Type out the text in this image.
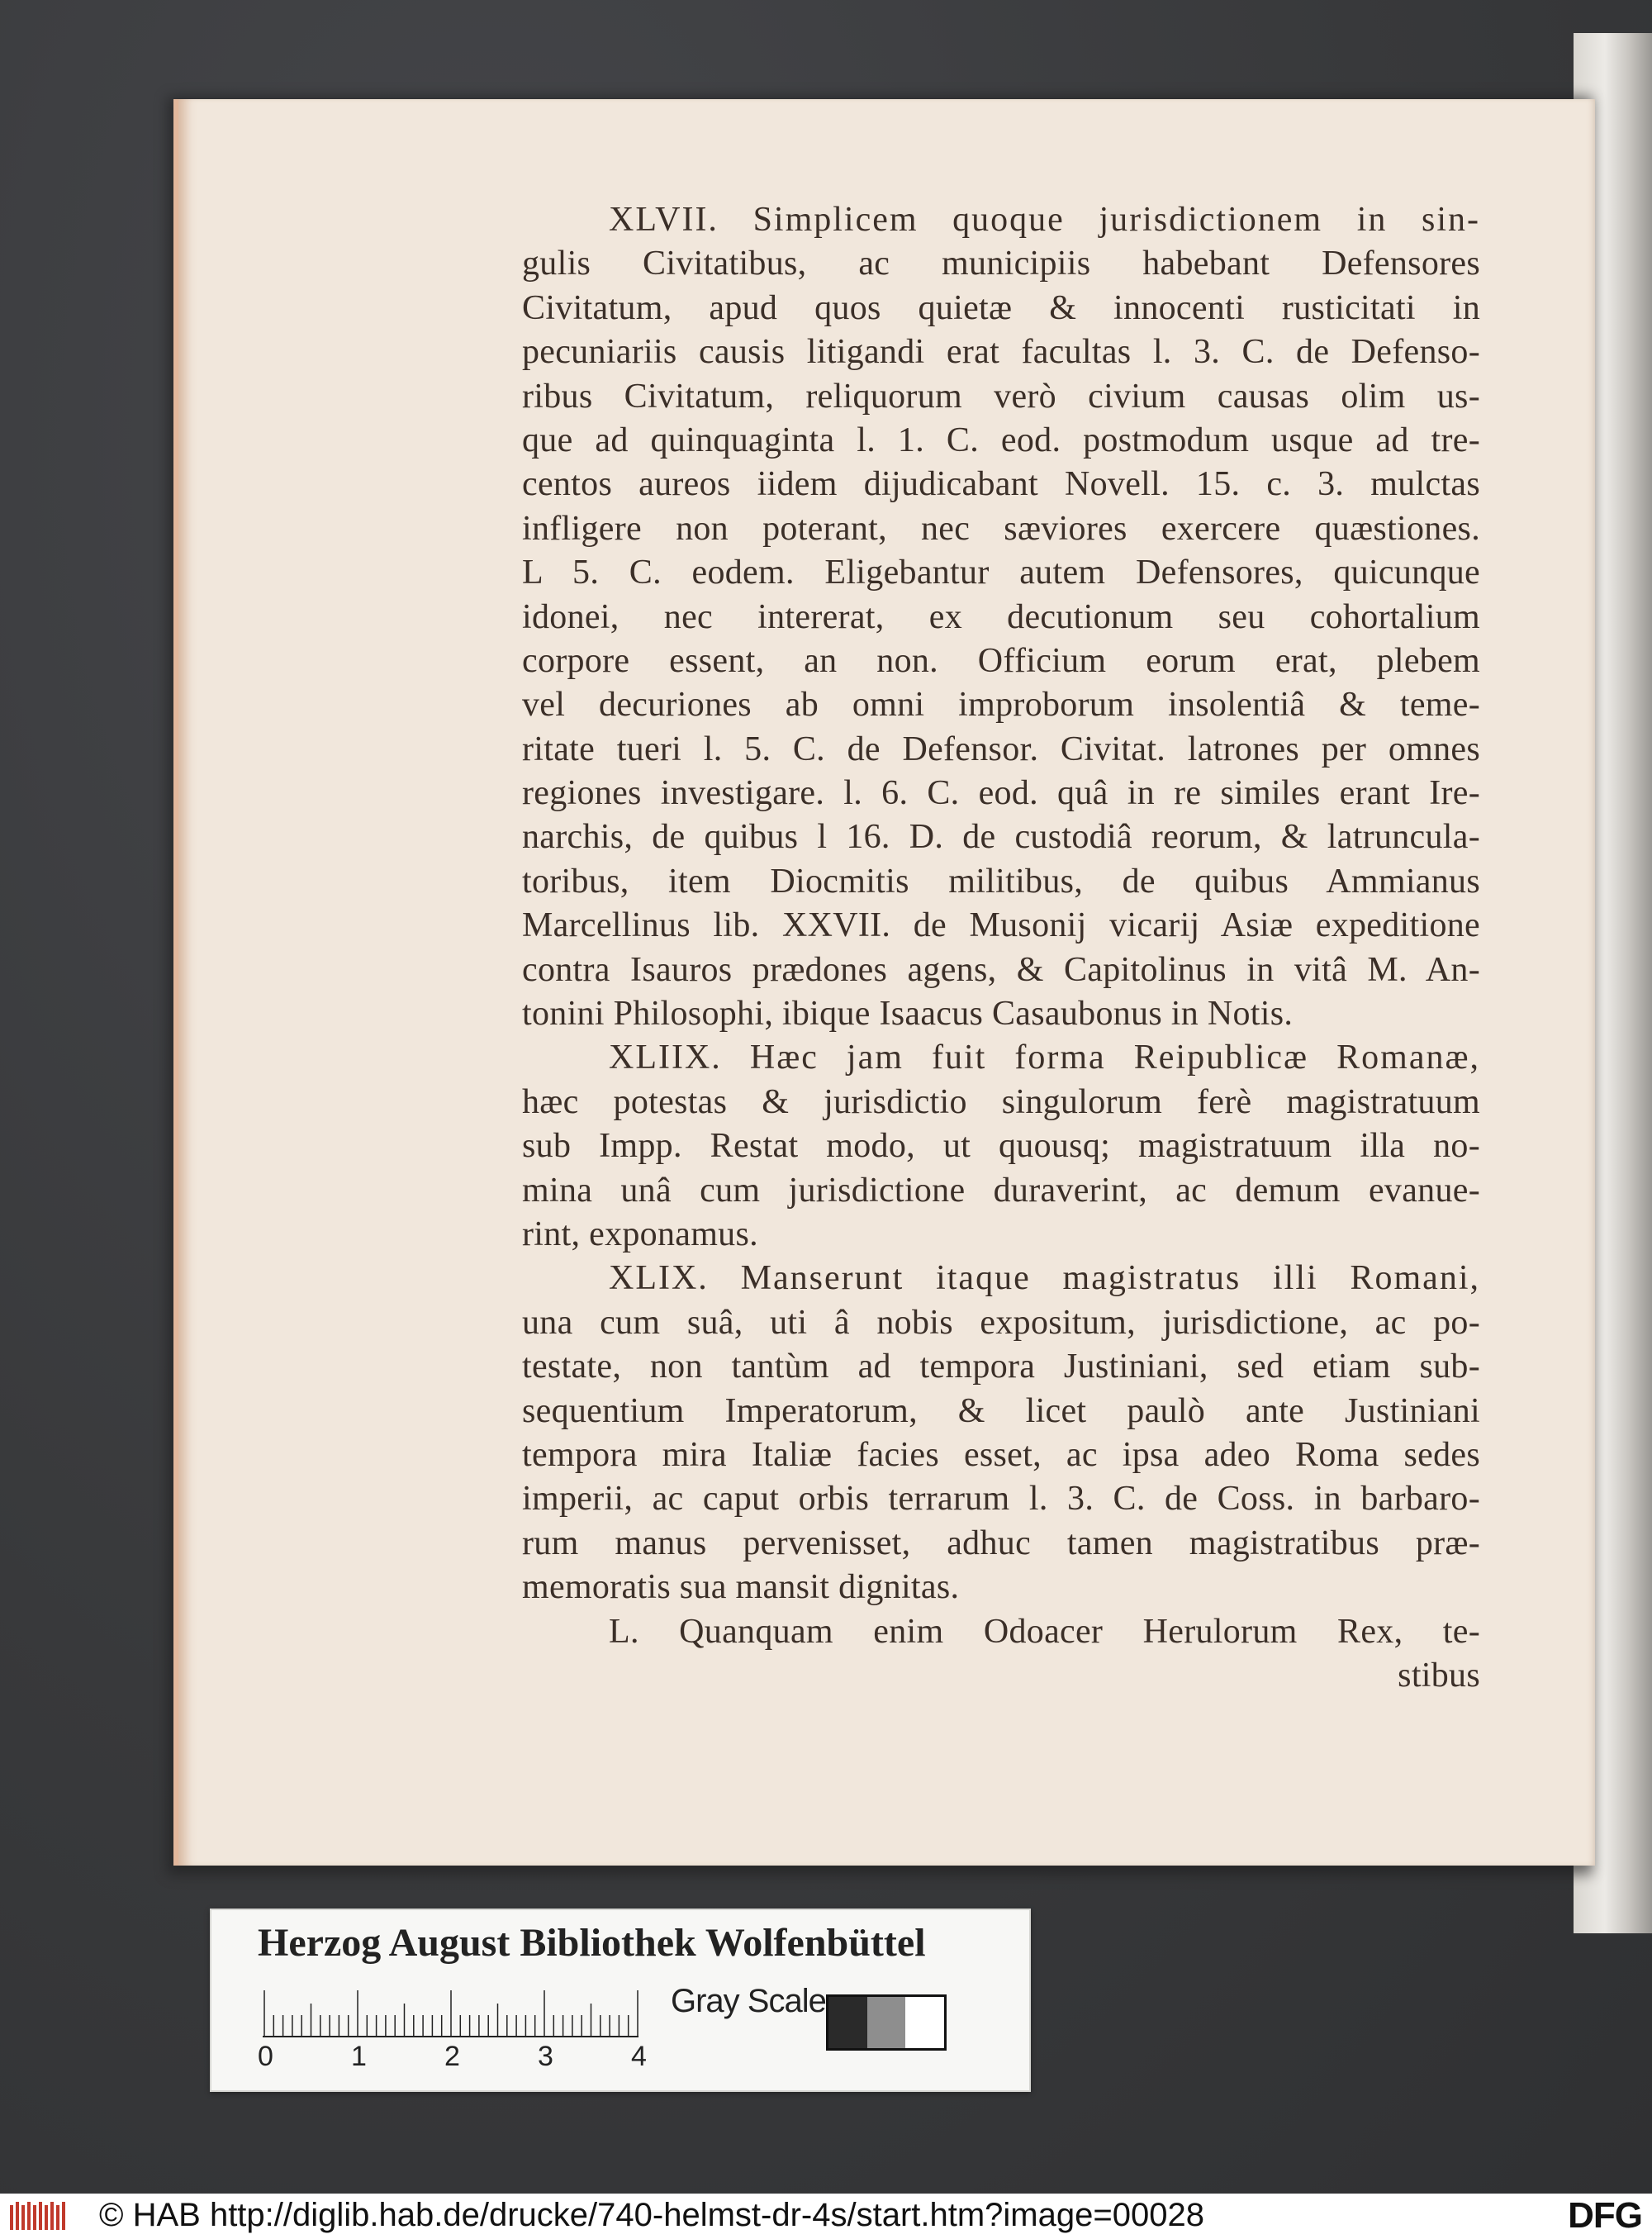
XLVII. Simplicem quoque jurisdictionem in sin-
gulis Civitatibus, ac municipiis habebant Defensores
Civitatum, apud quos quietæ & innocenti rusticitati in
pecuniariis causis litigandi erat facultas l. 3. C. de Defenso-
ribus Civitatum, reliquorum verò civium causas olim us-
que ad quinquaginta l. 1. C. eod. postmodum usque ad tre-
centos aureos iidem dijudicabant Novell. 15. c. 3. mulctas
infligere non poterant, nec sæviores exercere quæstiones.
L 5. C. eodem. Eligebantur autem Defensores, quicunque
idonei, nec intererat, ex decutionum seu cohortalium
corpore essent, an non. Officium eorum erat, plebem
vel decuriones ab omni improborum insolentiâ & teme-
ritate tueri l. 5. C. de Defensor. Civitat. latrones per omnes
regiones investigare. l. 6. C. eod. quâ in re similes erant Ire-
narchis, de quibus l 16. D. de custodiâ reorum, & latruncula-
toribus, item Diocmitis militibus, de quibus Ammianus
Marcellinus lib. XXVII. de Musonij vicarij Asiæ expeditione
contra Isauros prædones agens, & Capitolinus in vitâ M. An-
tonini Philosophi, ibique Isaacus Casaubonus in Notis.
XLIIX. Hæc jam fuit forma Reipublicæ Romanæ,
hæc potestas & jurisdictio singulorum ferè magistratuum
sub Impp. Restat modo, ut quousq; magistratuum illa no-
mina unâ cum jurisdictione duraverint, ac demum evanue-
rint, exponamus.
XLIX. Manserunt itaque magistratus illi Romani,
una cum suâ, uti â nobis expositum, jurisdictione, ac po-
testate, non tantùm ad tempora Justiniani, sed etiam sub-
sequentium Imperatorum, & licet paulò ante Justiniani
tempora mira Italiæ facies esset, ac ipsa adeo Roma sedes
imperii, ac caput orbis terrarum l. 3. C. de Coss. in barbaro-
rum manus pervenisset, adhuc tamen magistratibus præ-
memoratis sua mansit dignitas.
L. Quanquam enim Odoacer Herulorum Rex, te-
stibus
Herzog August Bibliothek Wolfenbüttel
0	1	2	3	4
Gray Scale
© HAB http://diglib.hab.de/drucke/740-helmst-dr-4s/start.htm?image=00028	DFG
